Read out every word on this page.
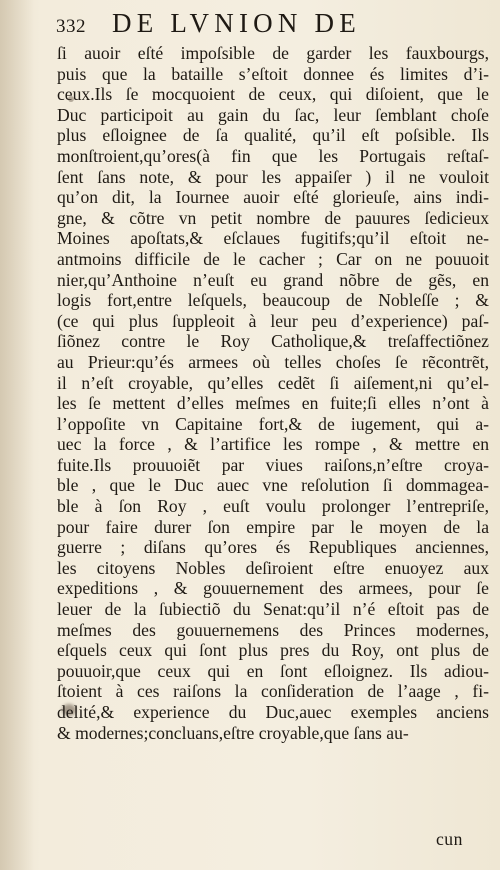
332 DE LVNION DE
ſi auoir eſté impoſsible de garder les fauxbourgs,
puis que la bataille s’eſtoit donnee és limites d’i-
ceux.Ils ſe mocquoient de ceux, qui diſoient, que le
Duc participoit au gain du ſac, leur ſemblant choſe
plus eſloignee de ſa qualité, qu’il eſt poſsible. Ils
monſtroient,qu’ores(à fin que les Portugais reſtaſ-
ſent ſans note, & pour les appaiſer ) il ne vouloit
qu’on dit, la Iournee auoir eſté glorieuſe, ains indi-
gne, & cõtre vn petit nombre de pauures ſedicieux
Moines apoſtats,& eſclaues fugitifs;qu’il eſtoit ne-
antmoins difficile de le cacher ; Car on ne pouuoit
nier,qu’Anthoine n’euſt eu grand nõbre de gẽs, en
logis fort,entre leſquels, beaucoup de Nobleſſe ; &
(ce qui plus ſuppleoit à leur peu d’experience) paſ-
ſiõnez contre le Roy Catholique,& treſaffectiõnez
au Prieur:qu’és armees où telles choſes ſe rẽcontrẽt,
il n’eſt croyable, qu’elles cedẽt ſi aiſement,ni qu’el-
les ſe mettent d’elles meſmes en fuite;ſi elles n’ont à
l’oppoſite vn Capitaine fort,& de iugement, qui a-
uec la force , & l’artifice les rompe , & mettre en
fuite.Ils prouuoiẽt par viues raiſons,n’eſtre croya-
ble , que le Duc auec vne reſolution ſi dommagea-
ble à ſon Roy , euſt voulu prolonger l’entrepriſe,
pour faire durer ſon empire par le moyen de la
guerre ; diſans qu’ores és Republiques anciennes,
les citoyens Nobles deſiroient eſtre enuoyez aux
expeditions , & gouuernement des armees, pour ſe
leuer de la ſubiectiõ du Senat:qu’il n’é eſtoit pas de
meſmes des gouuernemens des Princes modernes,
eſquels ceux qui ſont plus pres du Roy, ont plus de
pouuoir,que ceux qui en ſont eſloignez. Ils adiou-
ſtoient à ces raiſons la conſideration de l’aage , fi-
delité,& experience du Duc,auec exemples anciens
& modernes;concluans,eſtre croyable,que ſans au-
cun
